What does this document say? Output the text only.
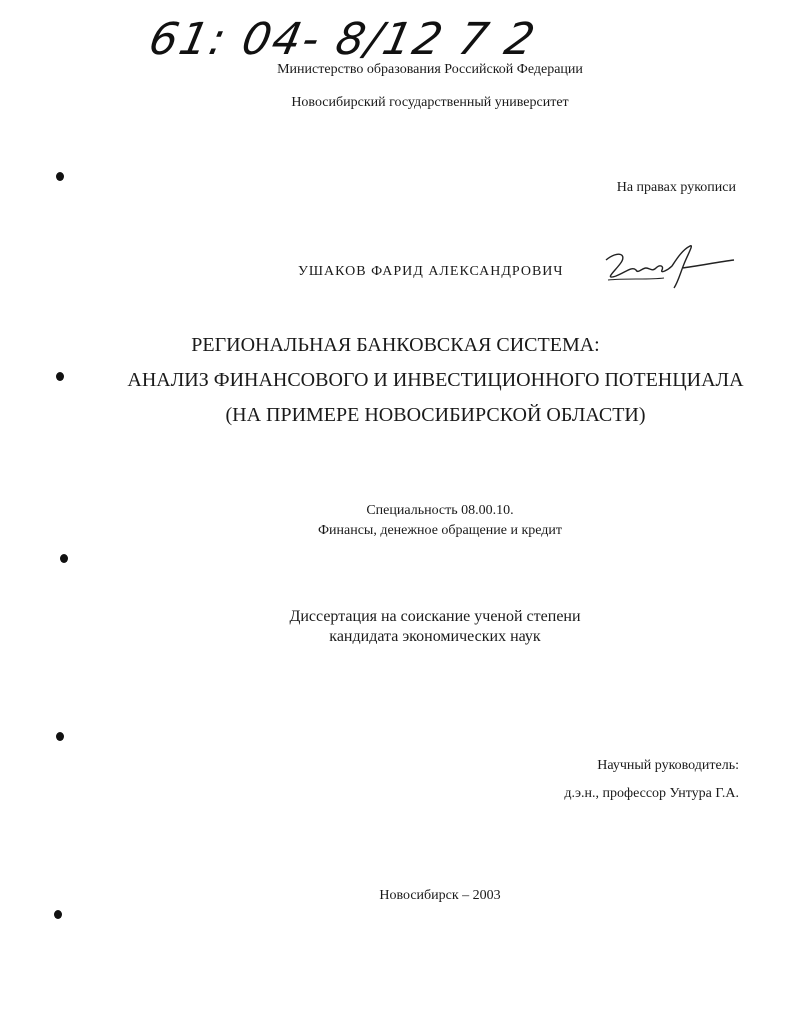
61: 04- 8/12 7 2
Министерство образования Российской Федерации
Новосибирский государственный университет
На правах рукописи
УШАКОВ ФАРИД АЛЕКСАНДРОВИЧ
РЕГИОНАЛЬНАЯ БАНКОВСКАЯ СИСТЕМА:
АНАЛИЗ ФИНАНСОВОГО И ИНВЕСТИЦИОННОГО ПОТЕНЦИАЛА
(НА ПРИМЕРЕ НОВОСИБИРСКОЙ ОБЛАСТИ)
Специальность 08.00.10.
Финансы, денежное обращение и кредит
Диссертация на соискание ученой степени
кандидата экономических наук
Научный руководитель:
д.э.н., профессор Унтура Г.А.
Новосибирск – 2003
